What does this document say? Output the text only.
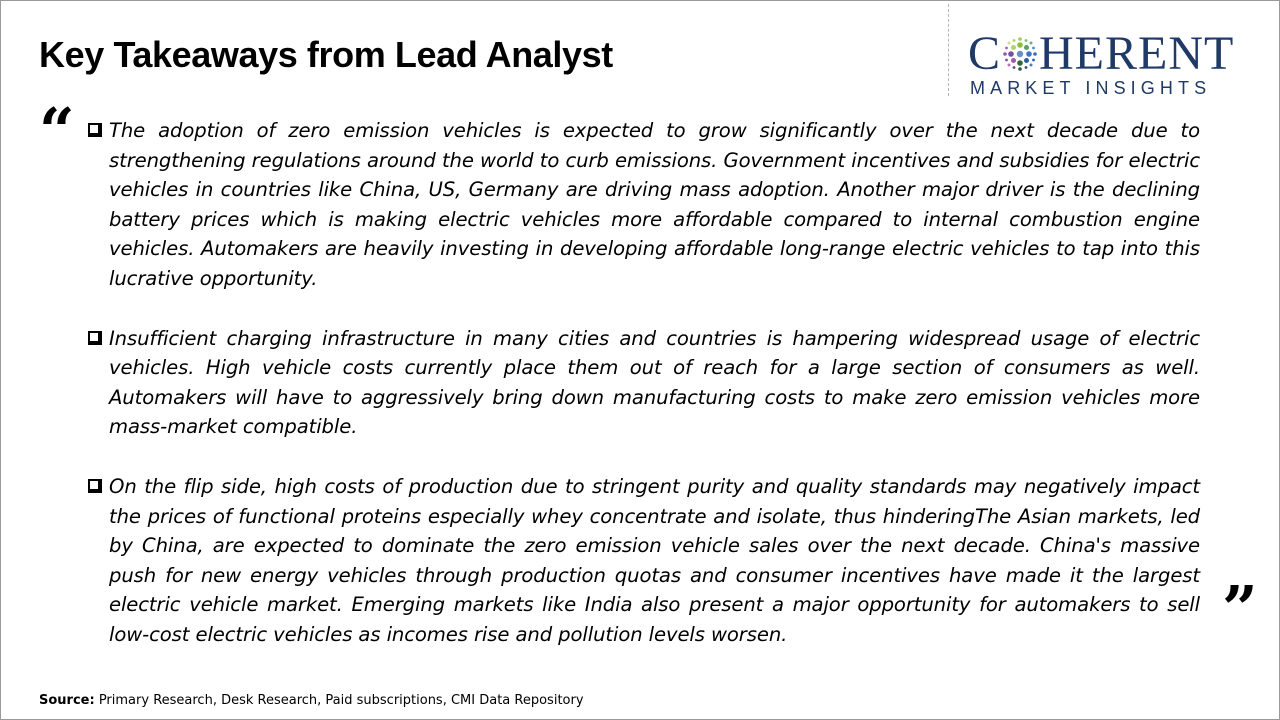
Key Takeaways from Lead Analyst	C HERENT
MARKET INSIGHTS
“
”
The adoption of zero emission vehicles is expected to grow significantly over the next decade due to strengthening regulations around the world to curb emissions. Government incentives and subsidies for electric vehicles in countries like China, US, Germany are driving mass adoption. Another major driver is the declining battery prices which is making electric vehicles more affordable compared to internal combustion engine vehicles. Automakers are heavily investing in developing affordable long-range electric vehicles to tap into this lucrative opportunity.
Insufficient charging infrastructure in many cities and countries is hampering widespread usage of electric vehicles. High vehicle costs currently place them out of reach for a large section of consumers as well. Automakers will have to aggressively bring down manufacturing costs to make zero emission vehicles more mass-market compatible.
On the flip side, high costs of production due to stringent purity and quality standards may negatively impact the prices of functional proteins especially whey concentrate and isolate, thus hinderingThe Asian markets, led by China, are expected to dominate the zero emission vehicle sales over the next decade. China's massive push for new energy vehicles through production quotas and consumer incentives have made it the largest electric vehicle market. Emerging markets like India also present a major opportunity for automakers to sell low-cost electric vehicles as incomes rise and pollution levels worsen.
Source: Primary Research, Desk Research, Paid subscriptions, CMI Data Repository
